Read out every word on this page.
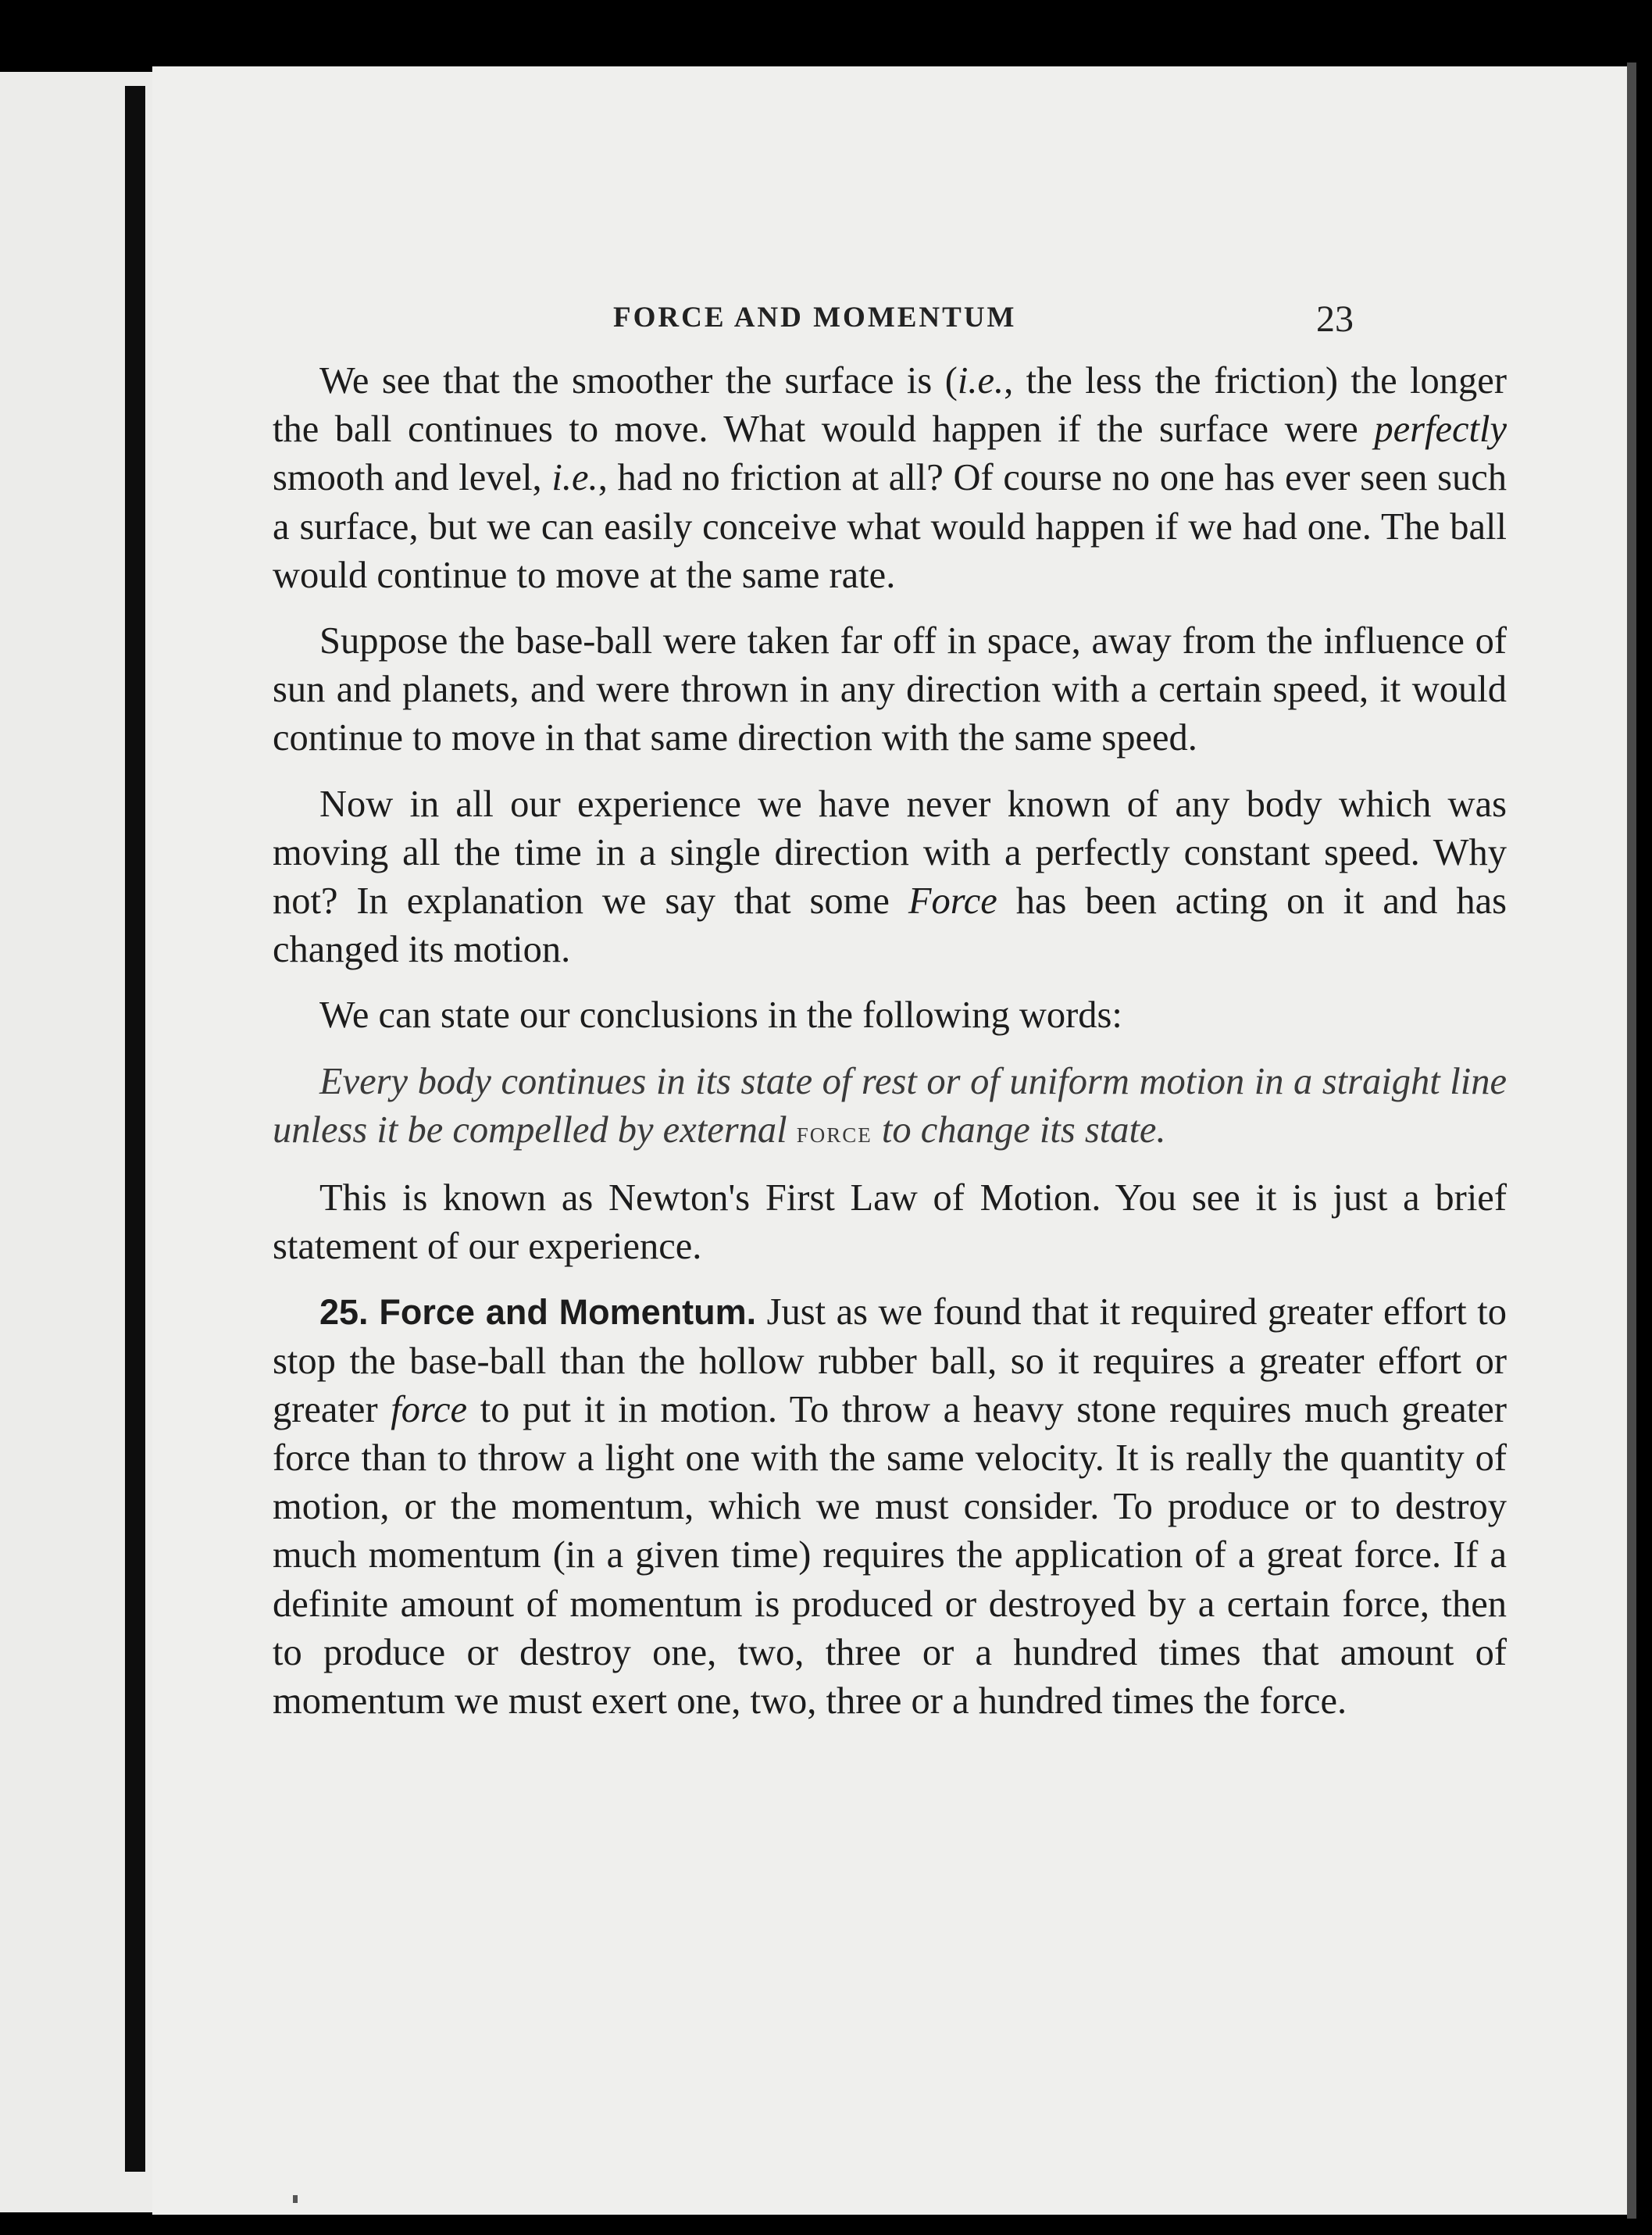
FORCE AND MOMENTUM	23

We see that the smoother the surface is (i.e., the less the friction) the longer the ball continues to move. What would happen if the surface were perfectly smooth and level, i.e., had no friction at all? Of course no one has ever seen such a surface, but we can easily conceive what would happen if we had one. The ball would continue to move at the same rate.

Suppose the base-ball were taken far off in space, away from the influence of sun and planets, and were thrown in any direction with a certain speed, it would continue to move in that same direction with the same speed.

Now in all our experience we have never known of any body which was moving all the time in a single direction with a perfectly constant speed. Why not? In explanation we say that some Force has been acting on it and has changed its motion.

We can state our conclusions in the following words:

Every body continues in its state of rest or of uniform motion in a straight line unless it be compelled by external force to change its state.

This is known as Newton's First Law of Motion. You see it is just a brief statement of our experience.

25. Force and Momentum. Just as we found that it required greater effort to stop the base-ball than the hollow rubber ball, so it requires a greater effort or greater force to put it in motion. To throw a heavy stone requires much greater force than to throw a light one with the same velocity. It is really the quantity of motion, or the momentum, which we must consider. To produce or to destroy much momentum (in a given time) requires the application of a great force. If a definite amount of momentum is produced or destroyed by a certain force, then to produce or destroy one, two, three or a hundred times that amount of momentum we must exert one, two, three or a hundred times the force.
